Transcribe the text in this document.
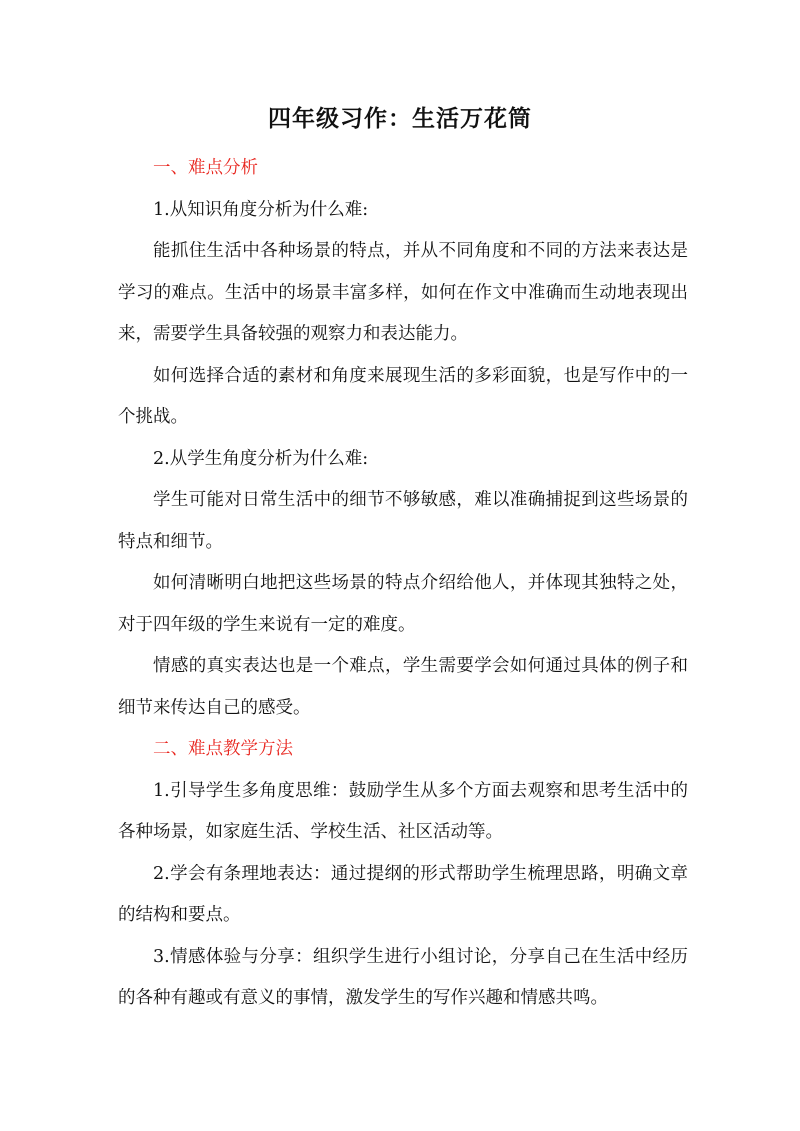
四年级习作：生活万花筒

一、难点分析

1.从知识角度分析为什么难:

能抓住生活中各种场景的特点，并从不同角度和不同的方法来表达是学习的难点。生活中的场景丰富多样，如何在作文中准确而生动地表现出来，需要学生具备较强的观察力和表达能力。

如何选择合适的素材和角度来展现生活的多彩面貌，也是写作中的一个挑战。

2.从学生角度分析为什么难:

学生可能对日常生活中的细节不够敏感，难以准确捕捉到这些场景的特点和细节。

如何清晰明白地把这些场景的特点介绍给他人，并体现其独特之处，对于四年级的学生来说有一定的难度。

情感的真实表达也是一个难点，学生需要学会如何通过具体的例子和细节来传达自己的感受。

二、难点教学方法

1.引导学生多角度思维：鼓励学生从多个方面去观察和思考生活中的各种场景，如家庭生活、学校生活、社区活动等。

2.学会有条理地表达：通过提纲的形式帮助学生梳理思路，明确文章的结构和要点。

3.情感体验与分享：组织学生进行小组讨论，分享自己在生活中经历的各种有趣或有意义的事情，激发学生的写作兴趣和情感共鸣。
